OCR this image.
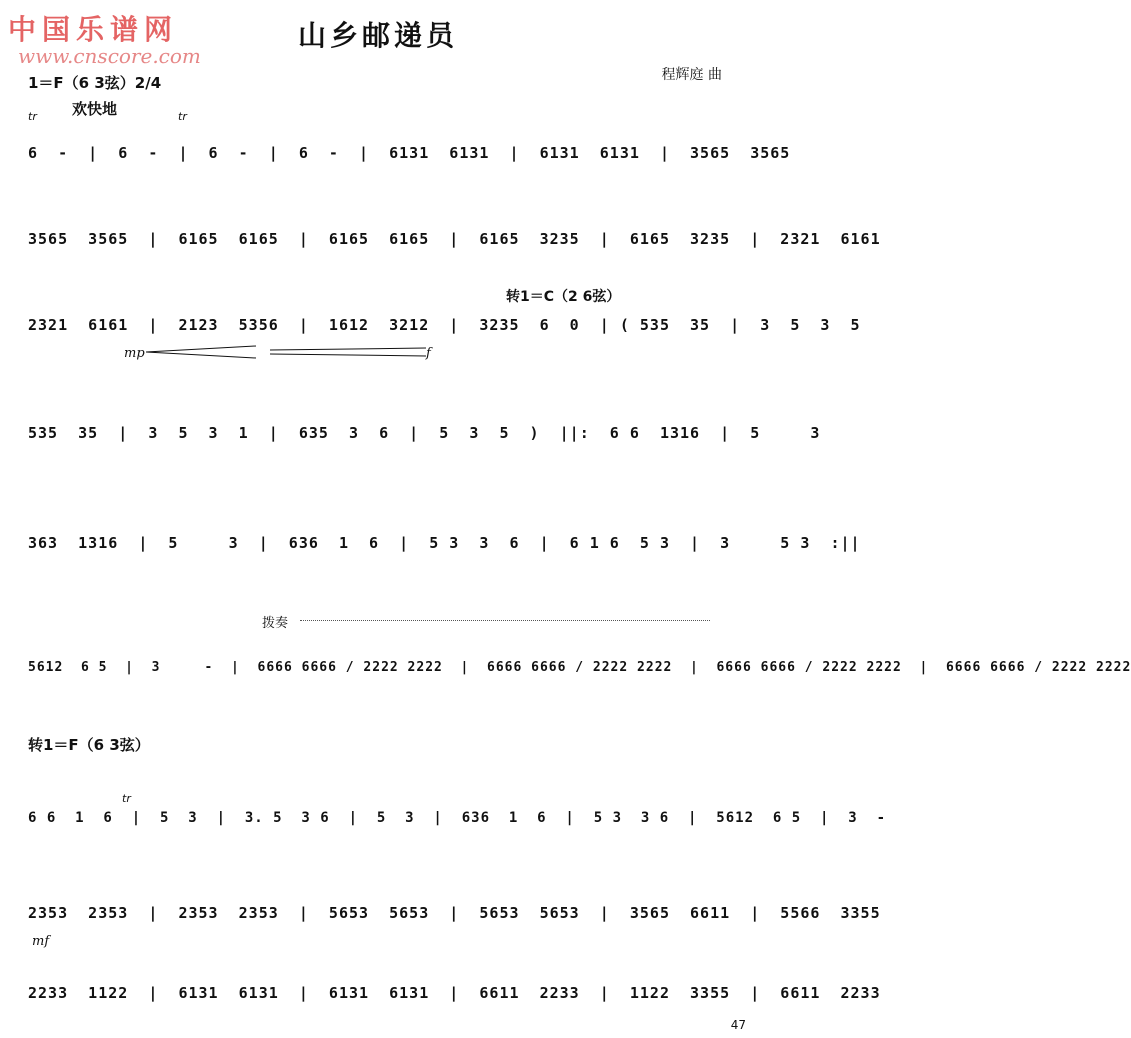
中国乐谱网
www.cnscore.com
山乡邮递员
程辉庭 曲
1＝F（6 3弦）2/4
欢快地
tr	tr
6  -  |  6  -  |  6  -  |  6  -  |  6131  6131  |  6131  6131  |  3565  3565
3565  3565  |  6165  6165  |  6165  6165  |  6165  3235  |  6165  3235  |  2321  6161
转1＝C（2 6弦）
2321  6161  |  2123  5356  |  1612  3212  |  3235  6  0  | ( 535  35  |  3  5  3  5
mp	f
535  35  |  3  5  3  1  |  635  3  6  |  5  3  5  )  ||:  6 6  1316  |  5     3
363  1316  |  5     3  |  636  1  6  |  5 3  3  6  |  6 1 6  5 3  |  3     5 3  :||
拨奏
5612  6 5  |  3     -  |  6666 6666 / 2222 2222  |  6666 6666 / 2222 2222  |  6666 6666 / 2222 2222  |  6666 6666 / 2222 2222
转1＝F（6 3弦）
tr
6 6  1  6  |  5  3  |  3. 5  3 6  |  5  3  |  636  1  6  |  5 3  3 6  |  5612  6 5  |  3  -
2353  2353  |  2353  2353  |  5653  5653  |  5653  5653  |  3565  6611  |  5566  3355
mf
2233  1122  |  6131  6131  |  6131  6131  |  6611  2233  |  1122  3355  |  6611  2233
47
